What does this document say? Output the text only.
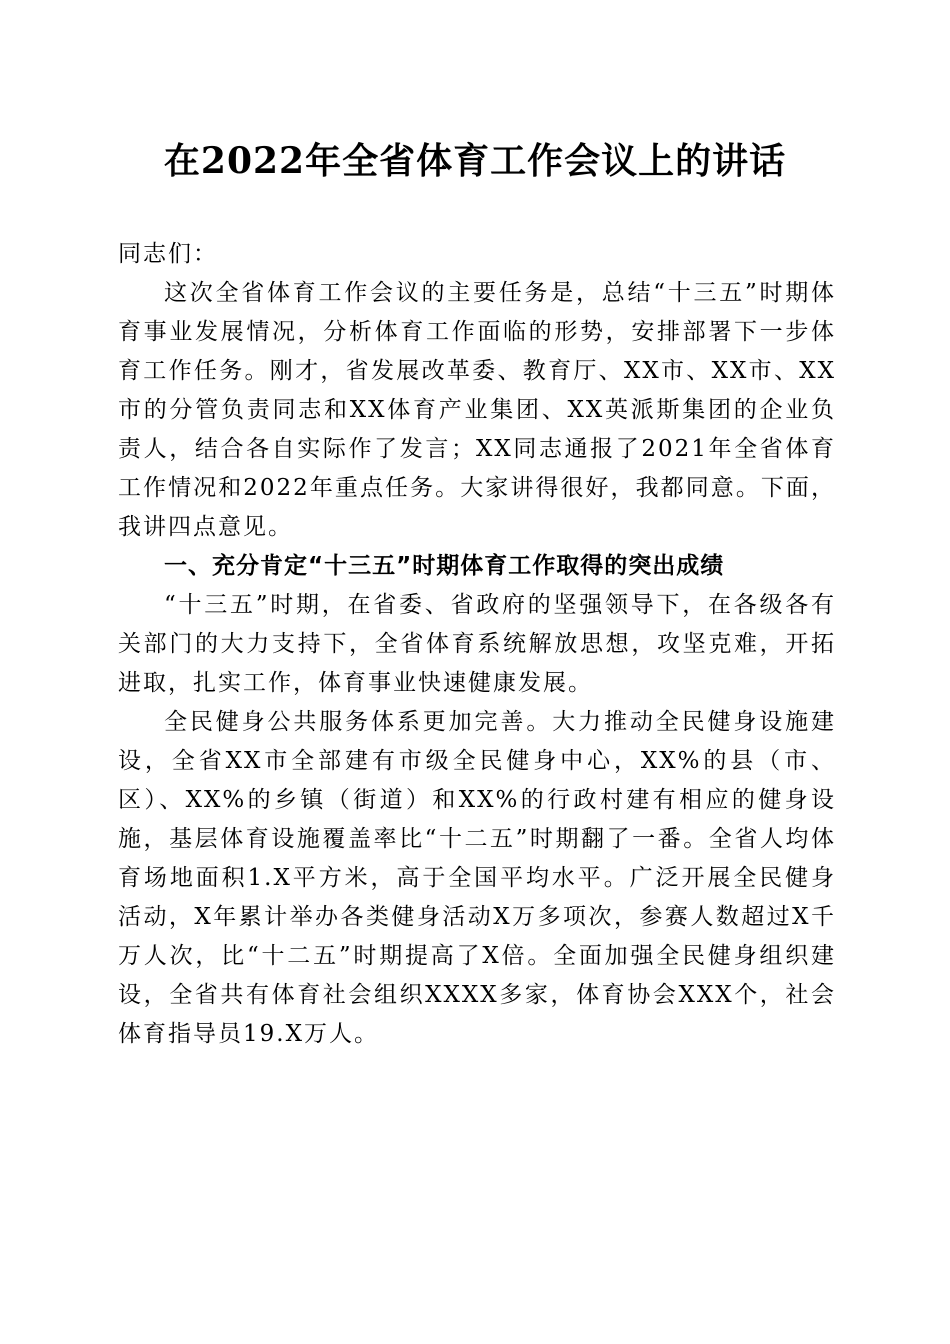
在2022年全省体育工作会议上的讲话

同志们：

这次全省体育工作会议的主要任务是，总结“十三五”时期体育事业发展情况，分析体育工作面临的形势，安排部署下一步体育工作任务。刚才，省发展改革委、教育厅、XX市、XX市、XX市的分管负责同志和XX体育产业集团、XX英派斯集团的企业负责人，结合各自实际作了发言；XX同志通报了2021年全省体育工作情况和2022年重点任务。大家讲得很好，我都同意。下面，我讲四点意见。

一、充分肯定“十三五”时期体育工作取得的突出成绩

“十三五”时期，在省委、省政府的坚强领导下，在各级各有关部门的大力支持下，全省体育系统解放思想，攻坚克难，开拓进取，扎实工作，体育事业快速健康发展。

全民健身公共服务体系更加完善。大力推动全民健身设施建设，全省XX市全部建有市级全民健身中心，XX%的县（市、区）、XX%的乡镇（街道）和XX%的行政村建有相应的健身设施，基层体育设施覆盖率比“十二五”时期翻了一番。全省人均体育场地面积1.X平方米，高于全国平均水平。广泛开展全民健身活动，X年累计举办各类健身活动X万多项次，参赛人数超过X千万人次，比“十二五”时期提高了X倍。全面加强全民健身组织建设，全省共有体育社会组织XXXX多家，体育协会XXX个，社会体育指导员19.X万人。
